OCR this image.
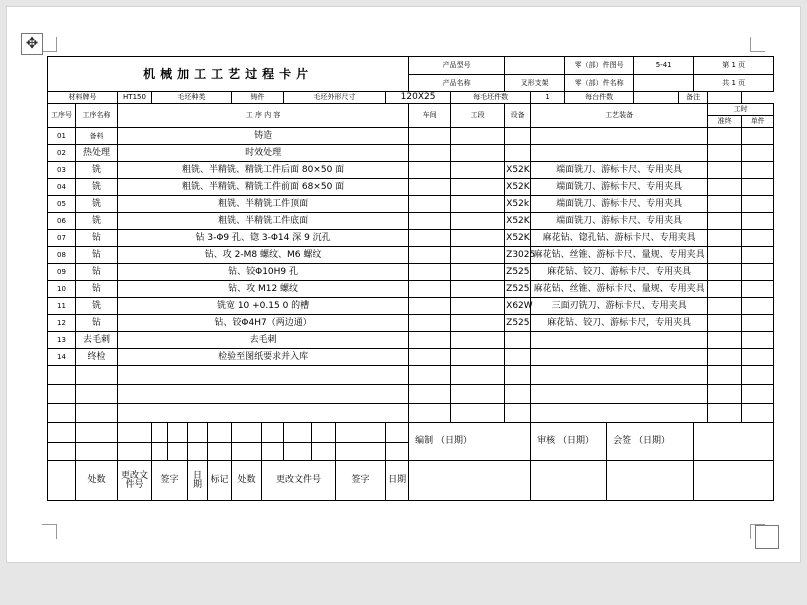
✥
机械加工工艺过程卡片													产品型号				零（部）件图号		5-41		第 1 页		
													产品名称		叉形支架		零（部）件名称				共 1 页		
材料牌号		HT150	毛坯种类				铸件		毛坯外形尺寸			120X25		每毛坯件数		1	每台件数			备注			
工序号	工序名称	工 序 内 容											车间	工段	设备	工艺装备						工时	
																						准终	单件
01	备料	铸造																					
02	热处理	时效处理																					
03	铣	粗铣、半精铣、精铣工件后面 80×50 面													X52K	端面铣刀、游标卡尺、专用夹具							
04	铣	粗铣、半精铣、精铣工件前面 68×50 面													X52K	端面铣刀、游标卡尺、专用夹具							
05	铣	粗铣、半精铣工件顶面													X52k	端面铣刀、游标卡尺、专用夹具							
06	铣	粗铣、半精铣工件底面													X52K	端面铣刀、游标卡尺、专用夹具							
07	钻	钻 3-Φ9 孔、锪 3-Φ14 深 9 沉孔													X52K	麻花钻、锪孔钻、游标卡尺、专用夹具							
08	钻	钻、攻 2-M8 螺纹、M6 螺纹													Z3025	麻花钻、丝锥、游标卡尺、量规、专用夹具							
09	钻	钻、铰Φ10H9 孔													Z525	麻花钻、铰刀、游标卡尺、专用夹具							
10	钻	钻、攻 M12 螺纹													Z525	麻花钻、丝锥、游标卡尺、量规、专用夹具							
11	铣	铣宽 10 +0.15 0 的槽													X62W	三面刃铣刀、游标卡尺、专用夹具							
12	钻	钻、铰Φ4H7（两边通）													Z525	麻花钻、铰刀、游标卡尺，专用夹具							
13	去毛刺	去毛刺																					
14	终检	检验至图纸要求并入库																					

													编制 （日期）			审核 （日期）		会签 （日期）					

	处数	更改文件号	签字		日期	标记	处数	更改文件号			签字	日期											
